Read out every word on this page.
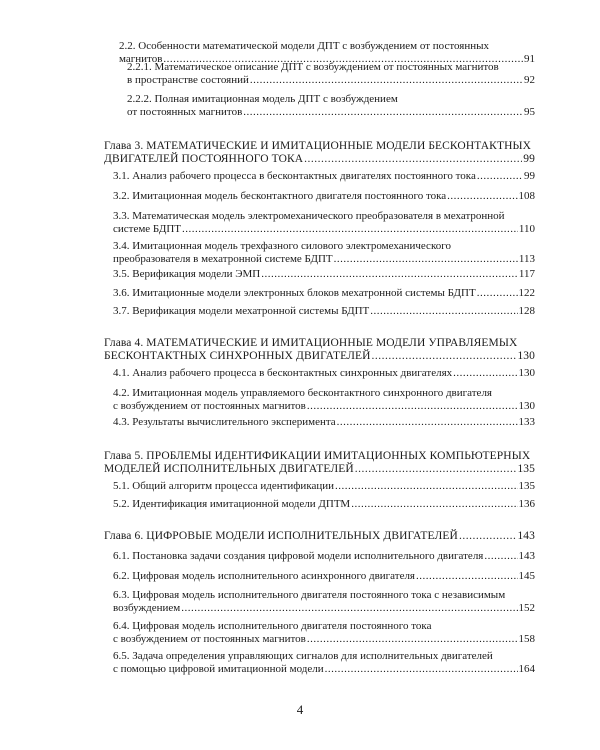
2.2. Особенности математической модели ДПТ с возбуждением от постоянных
магнитов .....	91
2.2.1. Математическое описание ДПТ с возбуждением от постоянных магнитов
в пространстве состояний .....	92
2.2.2. Полная имитационная модель ДПТ с возбуждением
от постоянных магнитов .....	95
Глава 3. МАТЕМАТИЧЕСКИЕ И ИМИТАЦИОННЫЕ МОДЕЛИ БЕСКОНТАКТНЫХ
ДВИГАТЕЛЕЙ ПОСТОЯННОГО ТОКА .....	99
3.1. Анализ рабочего процесса в бесконтактных двигателях постоянного тока .....	99
3.2. Имитационная модель бесконтактного двигателя постоянного тока .....	108
3.3. Математическая модель электромеханического преобразователя в мехатронной
системе БДПТ .....	110
3.4. Имитационная модель трехфазного силового электромеханического
преобразователя в мехатронной системе БДПТ .....	113
3.5. Верификация модели ЭМП .....	117
3.6. Имитационные модели электронных блоков мехатронной системы БДПТ .....	122
3.7. Верификация модели мехатронной системы БДПТ .....	128
Глава 4. МАТЕМАТИЧЕСКИЕ И ИМИТАЦИОННЫЕ МОДЕЛИ УПРАВЛЯЕМЫХ
БЕСКОНТАКТНЫХ СИНХРОННЫХ ДВИГАТЕЛЕЙ .....	130
4.1. Анализ рабочего процесса в бесконтактных синхронных двигателях .....	130
4.2. Имитационная модель управляемого бесконтактного синхронного двигателя
с возбуждением от постоянных магнитов .....	130
4.3. Результаты вычислительного эксперимента .....	133
Глава 5. ПРОБЛЕМЫ ИДЕНТИФИКАЦИИ ИМИТАЦИОННЫХ КОМПЬЮТЕРНЫХ
МОДЕЛЕЙ ИСПОЛНИТЕЛЬНЫХ ДВИГАТЕЛЕЙ .....	135
5.1. Общий алгоритм процесса идентификации .....	135
5.2. Идентификация имитационной модели ДПТМ .....	136
Глава 6. ЦИФРОВЫЕ МОДЕЛИ ИСПОЛНИТЕЛЬНЫХ ДВИГАТЕЛЕЙ .....	143
6.1. Постановка задачи создания цифровой модели исполнительного двигателя .....	143
6.2. Цифровая модель исполнительного асинхронного двигателя .....	145
6.3. Цифровая модель исполнительного двигателя постоянного тока с независимым
возбуждением .....	152
6.4. Цифровая модель исполнительного двигателя постоянного тока
с возбуждением от постоянных магнитов .....	158
6.5. Задача определения управляющих сигналов для исполнительных двигателей
с помощью цифровой имитационной модели .....	164
4
